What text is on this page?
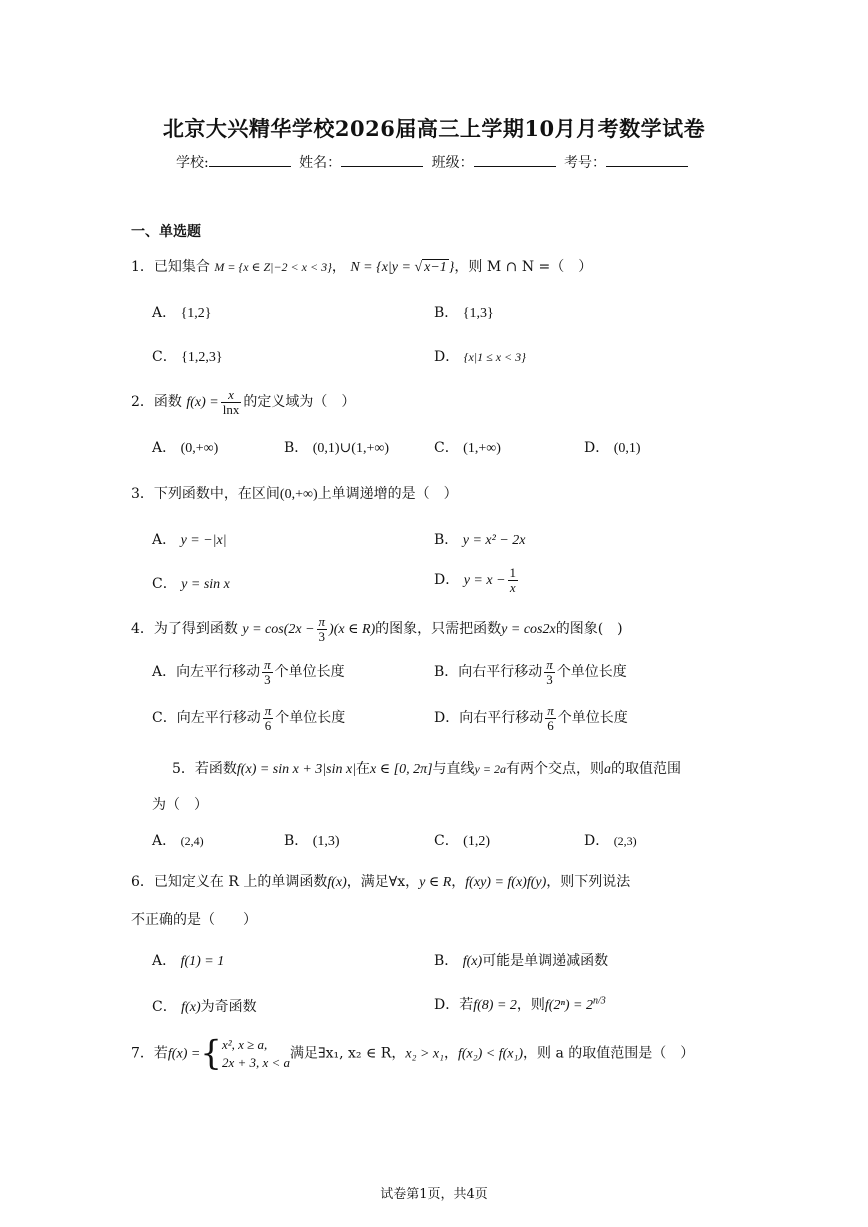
北京大兴精华学校2026届高三上学期10月月考数学试卷
学校:	姓名：	班级：	考号：
一、单选题
1．已知集合 M = {x ∈ Z|−2 < x < 3}， N = {x|y = √ x−1 }，则 M ∩ N =（　）
A． {1,2}	B． {1,3}
C． {1,2,3}	D． {x|1 ≤ x < 3}
2．函数 $f(x) = \frac{x}{\ln x}$ 的定义域为（　）
A． (0,+∞)	B． (0,1)∪(1,+∞)	C． (1,+∞)	D． (0,1)
3．下列函数中，在区间(0,+∞)上单调递增的是（　）
A． y = −|x|	B． y = x² − 2x
C． y = sin x	D． $y = x - \frac{1}{x}$
4．为了得到函数 $y = \cos(2x - \frac{\pi}{3} )(x$ ∈ R)的图象，只需把函数y = cos2x的图象(　)
A．向左平行移动 $\frac{\pi}{3}$ 个单位长度	B．向右平行移动 $\frac{\pi}{3}$ 个单位长度
C．向左平行移动 $\frac{\pi}{6}$ 个单位长度	D．向右平行移动 $\frac{\pi}{6}$ 个单位长度
5．若函数f(x) = sin x + 3|sin x|在x ∈ [0, 2π]与直线y = 2a有两个交点，则a的取值范围
为（　）
A． (2,4)	B． (1,3)	C． (1,2)	D． (2,3)
6．已知定义在 R 上的单调函数f(x)，满足∀x，y ∈ R，f(xy) = f(x)f(y)，则下列说法
不正确的是（　　）
A． f(1) = 1	B． f(x)可能是单调递减函数
C． f(x)为奇函数	D．若f(8) = 2，则$f(2^n) = 2^{n/3}$
7．若f(x) ={ x², x ≥ a,
2x + 3, x < a
满足∃x₁, x₂ ∈ R，x₂ > x₁，f(x₂) < f(x₁)，则 a 的取值范围是（　）
试卷第1页，共4页
